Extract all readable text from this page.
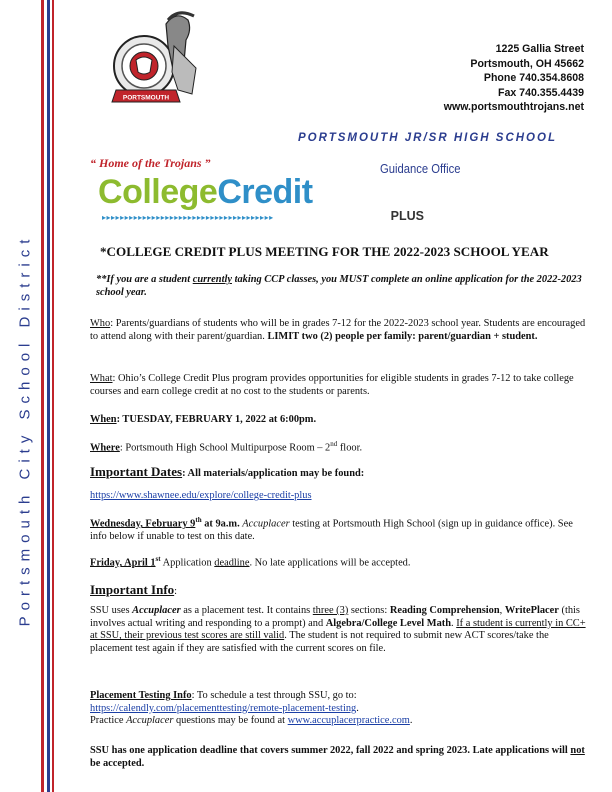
Portsmouth City School District
PORTSMOUTH
1225 Gallia Street
Portsmouth, OH 45662
Phone 740.354.8608
Fax 740.355.4439
www.portsmouthtrojans.net
PORTSMOUTH JR/SR HIGH SCHOOL
“ Home of the Trojans ”	Guidance Office
CollegeCredit
▸▸▸▸▸▸▸▸▸▸▸▸▸▸▸▸▸▸▸▸▸▸▸▸▸▸▸▸▸▸▸▸▸▸▸▸▸▸	PLUS
*COLLEGE CREDIT PLUS MEETING FOR THE 2022-2023 SCHOOL YEAR
**If you are a student currently taking CCP classes, you MUST complete an online application for the 2022-2023 school year.
Who: Parents/guardians of students who will be in grades 7-12 for the 2022-2023 school year. Students are encouraged to attend along with their parent/guardian. LIMIT two (2) people per family: parent/guardian + student.
What: Ohio’s College Credit Plus program provides opportunities for eligible students in grades 7-12 to take college courses and earn college credit at no cost to the students or parents.
When: TUESDAY, FEBRUARY 1, 2022 at 6:00pm.
Where: Portsmouth High School Multipurpose Room – 2nd floor.
Important Dates: All materials/application may be found:
https://www.shawnee.edu/explore/college-credit-plus
Wednesday, February 9th at 9a.m. Accuplacer testing at Portsmouth High School (sign up in guidance office). See info below if unable to test on this date.
Friday, April 1st Application deadline. No late applications will be accepted.
Important Info:
SSU uses Accuplacer as a placement test. It contains three (3) sections: Reading Comprehension, WritePlacer (this involves actual writing and responding to a prompt) and Algebra/College Level Math. If a student is currently in CC+ at SSU, their previous test scores are still valid. The student is not required to submit new ACT scores/take the placement test again if they are satisfied with the current scores on file.
Placement Testing Info: To schedule a test through SSU, go to:
https://calendly.com/placementtesting/remote-placement-testing.
Practice Accuplacer questions may be found at www.accuplacerpractice.com.
SSU has one application deadline that covers summer 2022, fall 2022 and spring 2023. Late applications will not be accepted.
